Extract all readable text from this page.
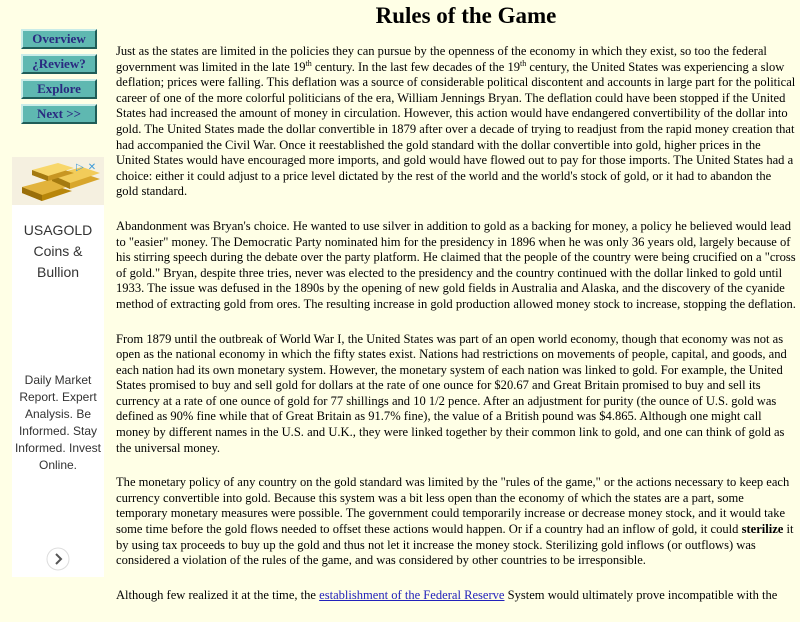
Overview
¿Review?
Explore
Next >>
▷ ✕
USAGOLD
Coins &
Bullion
Daily Market Report. Expert Analysis. Be Informed. Stay Informed. Invest Online.
Rules of the Game

Just as the states are limited in the policies they can pursue by the openness of the economy in which they exist, so too the federal government was limited in the late 19th century. In the last few decades of the 19th century, the United States was experiencing a slow deflation; prices were falling. This deflation was a source of considerable political discontent and accounts in large part for the political career of one of the more colorful politicians of the era, William Jennings Bryan. The deflation could have been stopped if the United States had increased the amount of money in circulation. However, this action would have endangered convertibility of the dollar into gold. The United States made the dollar convertible in 1879 after over a decade of trying to readjust from the rapid money creation that had accompanied the Civil War. Once it reestablished the gold standard with the dollar convertible into gold, higher prices in the United States would have encouraged more imports, and gold would have flowed out to pay for those imports. The United States had a choice: either it could adjust to a price level dictated by the rest of the world and the world's stock of gold, or it had to abandon the gold standard.

Abandonment was Bryan's choice. He wanted to use silver in addition to gold as a backing for money, a policy he believed would lead to "easier" money. The Democratic Party nominated him for the presidency in 1896 when he was only 36 years old, largely because of his stirring speech during the debate over the party platform. He claimed that the people of the country were being crucified on a "cross of gold." Bryan, despite three tries, never was elected to the presidency and the country continued with the dollar linked to gold until 1933. The issue was defused in the 1890s by the opening of new gold fields in Australia and Alaska, and the discovery of the cyanide method of extracting gold from ores. The resulting increase in gold production allowed money stock to increase, stopping the deflation.

From 1879 until the outbreak of World War I, the United States was part of an open world economy, though that economy was not as open as the national economy in which the fifty states exist. Nations had restrictions on movements of people, capital, and goods, and each nation had its own monetary system. However, the monetary system of each nation was linked to gold. For example, the United States promised to buy and sell gold for dollars at the rate of one ounce for $20.67 and Great Britain promised to buy and sell its currency at a rate of one ounce of gold for 77 shillings and 10 1/2 pence. After an adjustment for purity (the ounce of U.S. gold was defined as 90% fine while that of Great Britain as 91.7% fine), the value of a British pound was $4.865. Although one might call money by different names in the U.S. and U.K., they were linked together by their common link to gold, and one can think of gold as the universal money.

The monetary policy of any country on the gold standard was limited by the "rules of the game," or the actions necessary to keep each currency convertible into gold. Because this system was a bit less open than the economy of which the states are a part, some temporary monetary measures were possible. The government could temporarily increase or decrease money stock, and it would take some time before the gold flows needed to offset these actions would happen. Or if a country had an inflow of gold, it could sterilize it by using tax proceeds to buy up the gold and thus not let it increase the money stock. Sterilizing gold inflows (or outflows) was considered a violation of the rules of the game, and was considered by other countries to be irresponsible.

Although few realized it at the time, the establishment of the Federal Reserve System would ultimately prove incompatible with the
